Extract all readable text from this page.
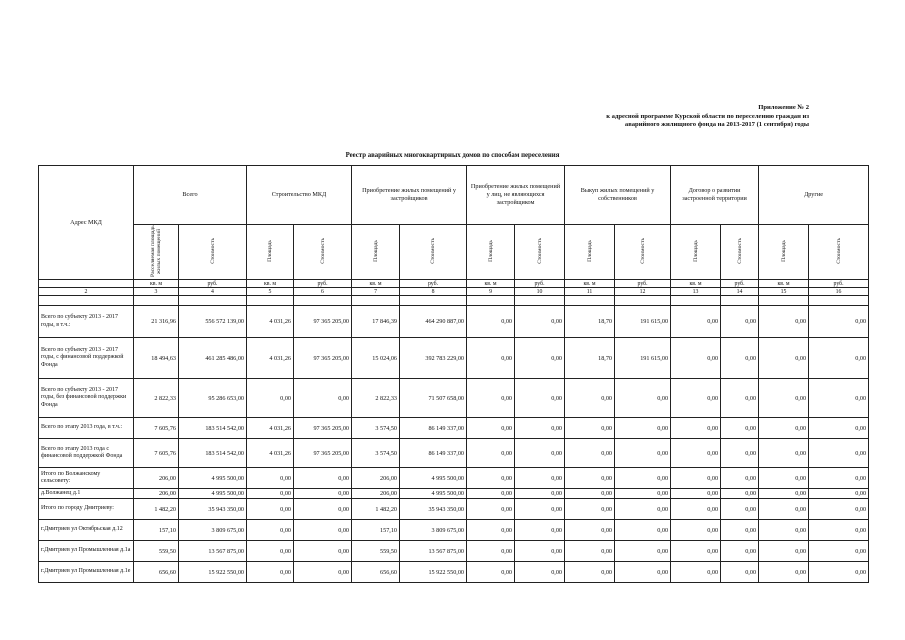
Приложение № 2
к адресной программе Курской области по переселению граждан из
аварийного жилищного фонда на 2013-2017 (1 сентября) годы
Реестр аварийных многоквартирных домов по способам переселения
Адрес МКД	Всего		Строительство МКД		Приобретение жилых помещений у застройщиков		Приобретение жилых помещений у лиц, не являющихся застройщиком		Выкуп жилых помещений у собственников		Договор о развитии застроенной территории		Другие	
	Расселяемая площадь жилых помещений	Стоимость	Площадь	Стоимость	Площадь	Стоимость	Площадь	Стоимость	Площадь	Стоимость	Площадь	Стоимость	Площадь	Стоимость
	кв. м	руб.	кв. м	руб.	кв. м	руб.	кв. м	руб.	кв. м	руб.	кв. м	руб.	кв. м	руб.
2	3	4	5	6	7	8	9	10	11	12	13	14	15	16

Всего по субъекту 2013 - 2017 годы, в т.ч.:	21 316,96	556 572 139,00	4 031,26	97 365 205,00	17 846,39	464 290 887,00	0,00	0,00	18,70	191 615,00	0,00	0,00	0,00	0,00
Всего по субъекту 2013 - 2017 годы, с финансовой поддержкой Фонда	18 494,63	461 285 486,00	4 031,26	97 365 205,00	15 024,06	392 783 229,00	0,00	0,00	18,70	191 615,00	0,00	0,00	0,00	0,00
Всего по субъекту 2013 - 2017 годы, без финансовой поддержки Фонда	2 822,33	95 286 653,00	0,00	0,00	2 822,33	71 507 658,00	0,00	0,00	0,00	0,00	0,00	0,00	0,00	0,00
Всего по этапу 2013 года, в т.ч.:	7 605,76	183 514 542,00	4 031,26	97 365 205,00	3 574,50	86 149 337,00	0,00	0,00	0,00	0,00	0,00	0,00	0,00	0,00
Всего по этапу 2013 года с финансовой поддержкой Фонда	7 605,76	183 514 542,00	4 031,26	97 365 205,00	3 574,50	86 149 337,00	0,00	0,00	0,00	0,00	0,00	0,00	0,00	0,00
Итого по Волжанскому сельсовету:	206,00	4 995 500,00	0,00	0,00	206,00	4 995 500,00	0,00	0,00	0,00	0,00	0,00	0,00	0,00	0,00
д.Волжанец д.1	206,00	4 995 500,00	0,00	0,00	206,00	4 995 500,00	0,00	0,00	0,00	0,00	0,00	0,00	0,00	0,00
Итого по городу Дмитриеву:	1 482,20	35 943 350,00	0,00	0,00	1 482,20	35 943 350,00	0,00	0,00	0,00	0,00	0,00	0,00	0,00	0,00
г.Дмитриев ул Октябрьская д.12	157,10	3 809 675,00	0,00	0,00	157,10	3 809 675,00	0,00	0,00	0,00	0,00	0,00	0,00	0,00	0,00
г.Дмитриев ул Промышленная д.1а	559,50	13 567 875,00	0,00	0,00	559,50	13 567 875,00	0,00	0,00	0,00	0,00	0,00	0,00	0,00	0,00
г.Дмитриев ул Промышленная д.1е	656,60	15 922 550,00	0,00	0,00	656,60	15 922 550,00	0,00	0,00	0,00	0,00	0,00	0,00	0,00	0,00
